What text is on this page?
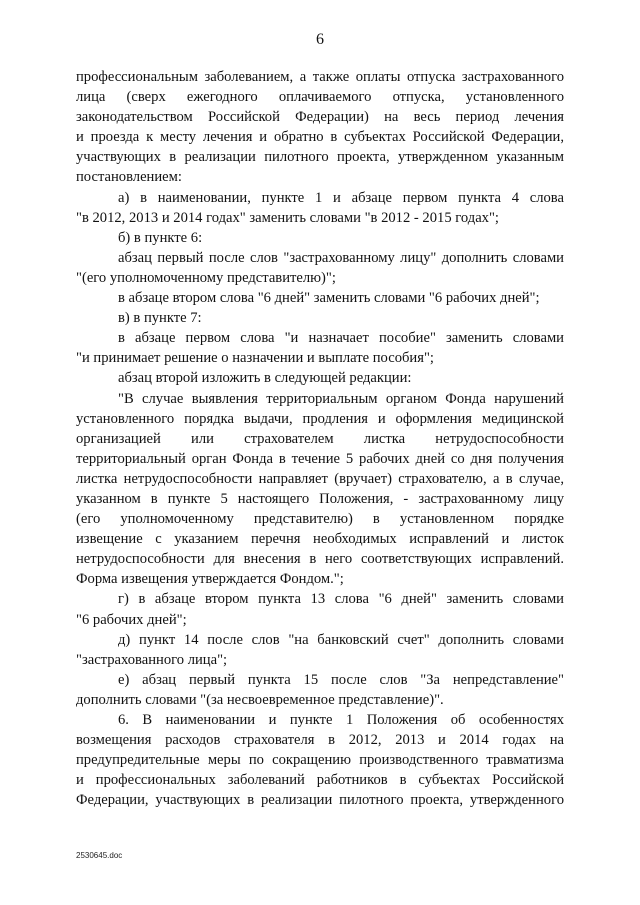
6
профессиональным заболеванием, а также оплаты отпуска застрахованного
лица (сверх ежегодного оплачиваемого отпуска, установленного
законодательством Российской Федерации) на весь период лечения
и проезда к месту лечения и обратно в субъектах Российской Федерации,
участвующих в реализации пилотного проекта, утвержденном указанным
постановлением:
а) в наименовании, пункте 1 и абзаце первом пункта 4 слова
"в 2012, 2013 и 2014 годах" заменить словами "в 2012 - 2015 годах";
б) в пункте 6:
абзац первый после слов "застрахованному лицу" дополнить словами
"(его уполномоченному представителю)";
в абзаце втором слова "6 дней" заменить словами "6 рабочих дней";
в) в пункте 7:
в абзаце первом слова "и назначает пособие" заменить словами
"и принимает решение о назначении и выплате пособия";
абзац второй изложить в следующей редакции:
"В случае выявления территориальным органом Фонда нарушений
установленного порядка выдачи, продления и оформления медицинской
организацией или страхователем листка нетрудоспособности
территориальный орган Фонда в течение 5 рабочих дней со дня получения
листка нетрудоспособности направляет (вручает) страхователю, а в случае,
указанном в пункте 5 настоящего Положения, - застрахованному лицу
(его уполномоченному представителю) в установленном порядке
извещение с указанием перечня необходимых исправлений и листок
нетрудоспособности для внесения в него соответствующих исправлений.
Форма извещения утверждается Фондом.";
г) в абзаце втором пункта 13 слова "6 дней" заменить словами
"6 рабочих дней";
д) пункт 14 после слов "на банковский счет" дополнить словами
"застрахованного лица";
е) абзац первый пункта 15 после слов "За непредставление"
дополнить словами "(за несвоевременное представление)".
6. В наименовании и пункте 1 Положения об особенностях
возмещения расходов страхователя в 2012, 2013 и 2014 годах на
предупредительные меры по сокращению производственного травматизма
и профессиональных заболеваний работников в субъектах Российской
Федерации, участвующих в реализации пилотного проекта, утвержденного
2530645.doc
